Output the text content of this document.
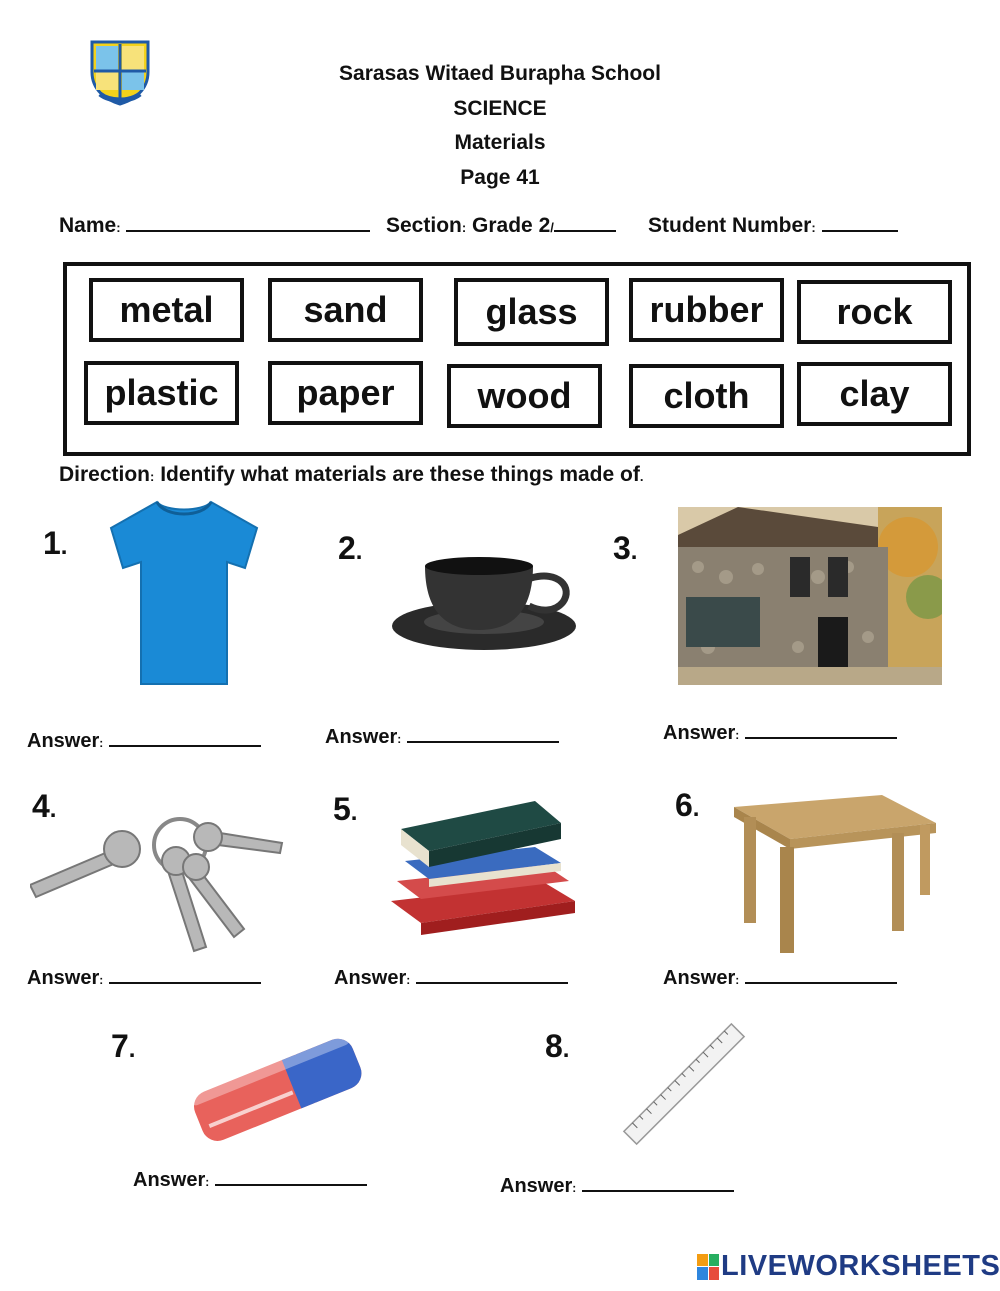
Sarasas Witaed Burapha School
SCIENCE
Materials
Page 41
Name:	Section: Grade 2/	Student Number:
metal	sand	glass	rubber	rock
plastic	paper	wood	cloth	clay
Direction: Identify what materials are these things made of.
1.
Answer:
2.
Answer:
3.
Answer:
4.
Answer:
5.
Answer:
6.
Answer:
7.
Answer:
8.
Answer:
LIVEWORKSHEETS
